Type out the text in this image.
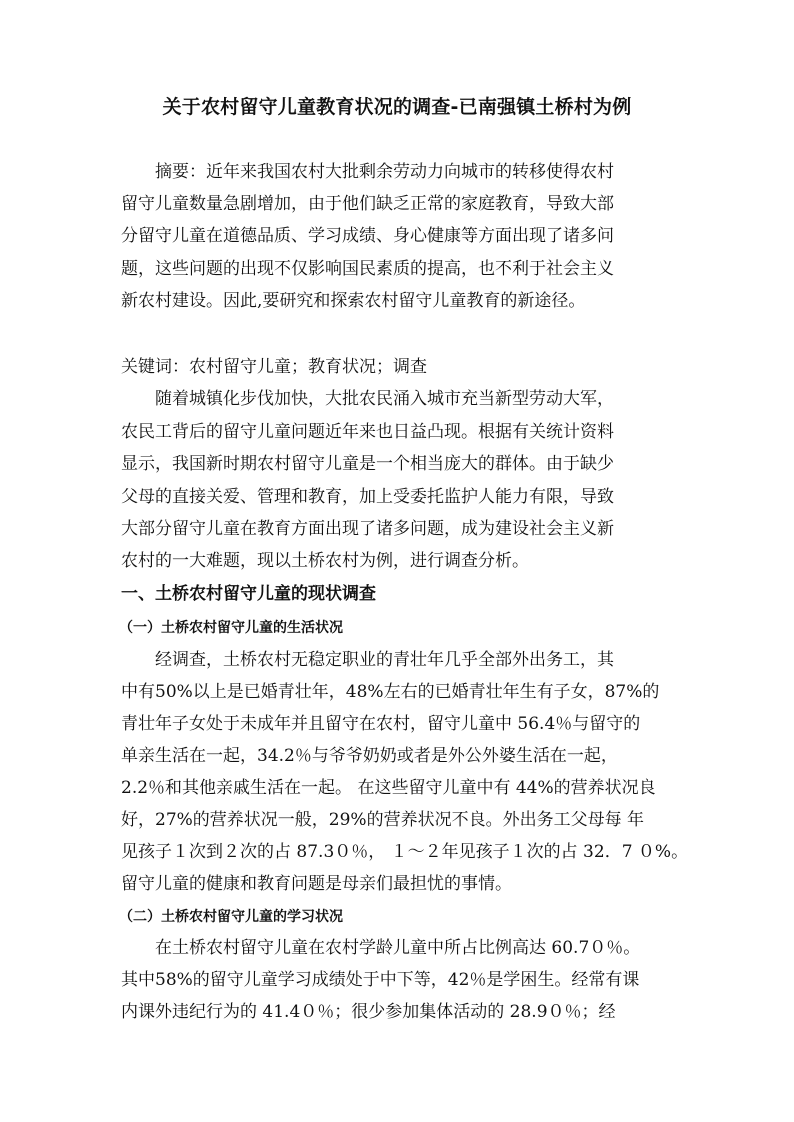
关于农村留守儿童教育状况的调查-已南强镇土桥村为例
摘要：近年来我国农村大批剩余劳动力向城市的转移使得农村
留守儿童数量急剧增加，由于他们缺乏正常的家庭教育，导致大部
分留守儿童在道德品质、学习成绩、身心健康等方面出现了诸多问
题，这些问题的出现不仅影响国民素质的提高，也不利于社会主义
新农村建设。因此,要研究和探索农村留守儿童教育的新途径。
关键词：农村留守儿童；教育状况；调查
随着城镇化步伐加快，大批农民涌入城市充当新型劳动大军，
农民工背后的留守儿童问题近年来也日益凸现。根据有关统计资料
显示，我国新时期农村留守儿童是一个相当庞大的群体。由于缺少
父母的直接关爱、管理和教育，加上受委托监护人能力有限，导致
大部分留守儿童在教育方面出现了诸多问题，成为建设社会主义新
农村的一大难题，现以土桥农村为例，进行调查分析。
一、土桥农村留守儿童的现状调查
（一）土桥农村留守儿童的生活状况
经调查，土桥农村无稳定职业的青壮年几乎全部外出务工，其
中有50%以上是已婚青壮年，48%左右的已婚青壮年生有子女，87%的
青壮年子女处于未成年并且留守在农村，留守儿童中 56.4％与留守的
单亲生活在一起，34.2％与爷爷奶奶或者是外公外婆生活在一起，
2.2％和其他亲戚生活在一起。 在这些留守儿童中有 44%的营养状况良
好，27%的营养状况一般，29%的营养状况不良。外出务工父母每 年
见孩子１次到２次的占 87.3０％， １～２年见孩子１次的占 32．7 ０%。
留守儿童的健康和教育问题是母亲们最担忧的事情。
（二）土桥农村留守儿童的学习状况
在土桥农村留守儿童在农村学龄儿童中所占比例高达 60.7０％。
其中58%的留守儿童学习成绩处于中下等，42％是学困生。经常有课
内课外违纪行为的 41.4０％；很少参加集体活动的 28.9０％；经
